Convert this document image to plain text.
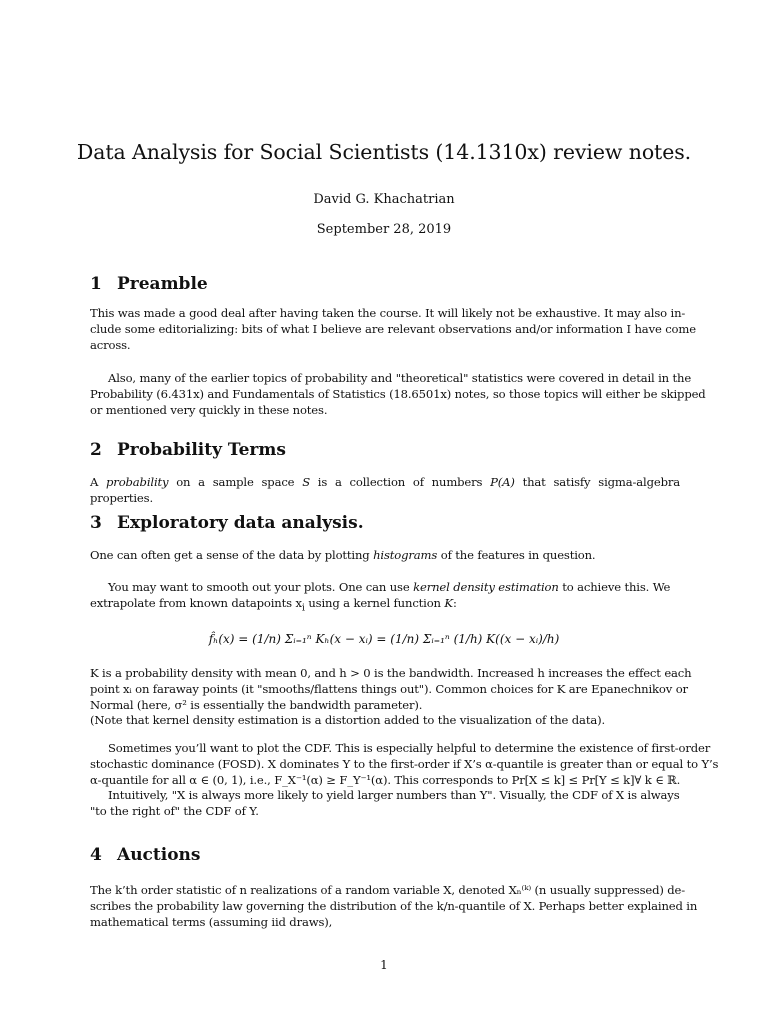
Data Analysis for Social Scientists (14.1310x) review notes.
David G. Khachatrian
September 28, 2019
1 Preamble
This was made a good deal after having taken the course. It will likely not be exhaustive. It may also in-
clude some editorializing: bits of what I believe are relevant observations and/or information I have come
across.
Also, many of the earlier topics of probability and "theoretical" statistics were covered in detail in the
Probability (6.431x) and Fundamentals of Statistics (18.6501x) notes, so those topics will either be skipped
or mentioned very quickly in these notes.
2 Probability Terms
A probability on a sample space S is a collection of numbers P(A) that satisfy sigma-algebra properties.
3 Exploratory data analysis.
One can often get a sense of the data by plotting histograms of the features in question.
You may want to smooth out your plots. One can use kernel density estimation to achieve this. We
extrapolate from known datapoints $x_i$ using a kernel function K:
f̂ₕ(x) = (1/n) Σᵢ₌₁ⁿ Kₕ(x − xᵢ) = (1/n) Σᵢ₌₁ⁿ (1/h) K((x − xᵢ)/h)
K is a probability density with mean 0, and h > 0 is the bandwidth. Increased h increases the effect each
point xᵢ on faraway points (it "smooths/flattens things out"). Common choices for K are Epanechnikov or
Normal (here, σ² is essentially the bandwidth parameter).
(Note that kernel density estimation is a distortion added to the visualization of the data).
Sometimes you’ll want to plot the CDF. This is especially helpful to determine the existence of first-order
stochastic dominance (FOSD). X dominates Y to the first-order if X’s α-quantile is greater than or equal to Y’s
α-quantile for all α ∈ (0, 1), i.e., F_X⁻¹(α) ≥ F_Y⁻¹(α). This corresponds to Pr[X ≤ k] ≤ Pr[Y ≤ k]∀ k ∈ ℝ.
Intuitively, "X is always more likely to yield larger numbers than Y". Visually, the CDF of X is always
"to the right of" the CDF of Y.
4 Auctions
The k’th order statistic of n realizations of a random variable X, denoted Xₙ⁽ᵏ⁾ (n usually suppressed) de-
scribes the probability law governing the distribution of the k/n-quantile of X. Perhaps better explained in
mathematical terms (assuming iid draws),
1
